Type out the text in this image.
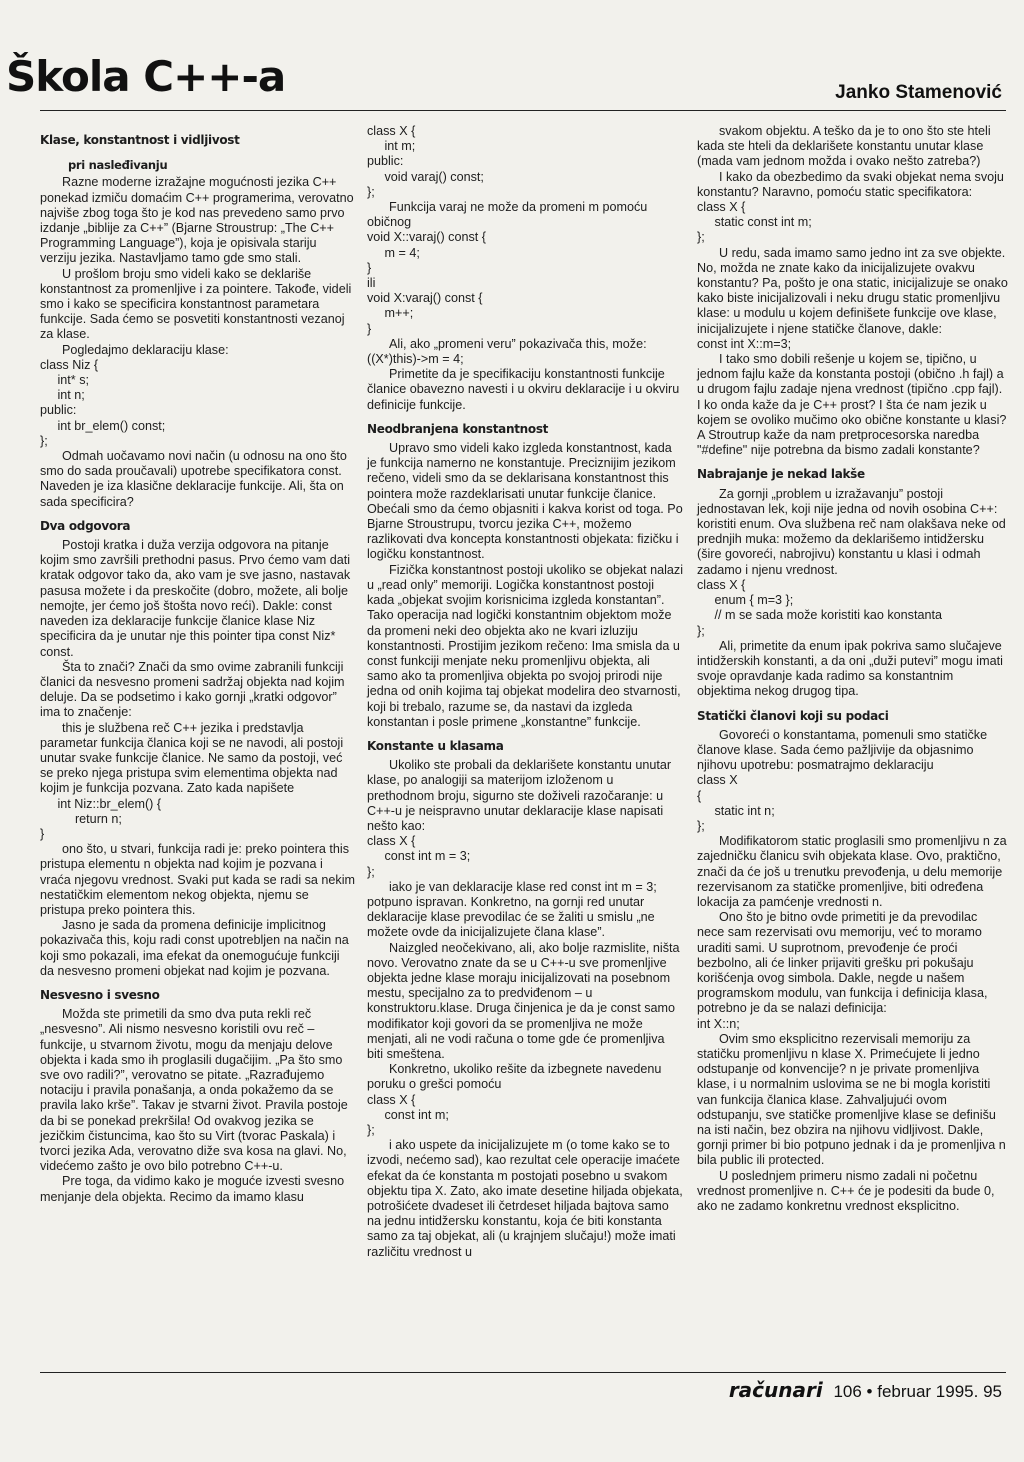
Škola C++-a	Janko Stamenović
Klase, konstantnost i vidljivost
pri nasleđivanju

Razne moderne izražajne mogućnosti jezika C++ ponekad izmiču domaćim C++ programerima, verovatno najviše zbog toga što je kod nas prevedeno samo prvo izdanje „biblije za C++” (Bjarne Stroustrup: „The C++ Programming Language”), koja je opisivala stariju verziju jezika. Nastavljamo tamo gde smo stali.

U prošlom broju smo videli kako se deklariše konstantnost za promenljive i za pointere. Takođe, videli smo i kako se specificira konstantnost parametara funkcije. Sada ćemo se posvetiti konstantnosti vezanoj za klase.

Pogledajmo deklaraciju klase:

class Niz {
int* s;
int n;
public:
int br_elem() const;
};

Odmah uočavamo novi način (u odnosu na ono što smo do sada proučavali) upotrebe specifikatora const. Naveden je iza klasične deklaracije funkcije. Ali, šta on sada specificira?

Dva odgovora

Postoji kratka i duža verzija odgovora na pitanje kojim smo završili prethodni pasus. Prvo ćemo vam dati kratak odgovor tako da, ako vam je sve jasno, nastavak pasusa možete i da preskočite (dobro, možete, ali bolje nemojte, jer ćemo još štošta novo reći). Dakle: const naveden iza deklaracije funkcije članice klase Niz specificira da je unutar nje this pointer tipa const Niz* const.

Šta to znači? Znači da smo ovime zabranili funkciji članici da nesvesno promeni sadržaj objekta nad kojim deluje. Da se podsetimo i kako gornji „kratki odgovor” ima to značenje:

this je službena reč C++ jezika i predstavlja parametar funkcija članica koji se ne navodi, ali postoji unutar svake funkcije članice. Ne samo da postoji, već se preko njega pristupa svim elementima objekta nad kojim je funkcija pozvana. Zato kada napišete

int Niz::br_elem() {
return n;
}

ono što, u stvari, funkcija radi je: preko pointera this pristupa elementu n objekta nad kojim je pozvana i vraća njegovu vrednost. Svaki put kada se radi sa nekim nestatičkim elementom nekog objekta, njemu se pristupa preko pointera this.

Jasno je sada da promena definicije implicitnog pokazivača this, koju radi const upotrebljen na način na koji smo pokazali, ima efekat da onemogućuje funkciji da nesvesno promeni objekat nad kojim je pozvana.

Nesvesno i svesno

Možda ste primetili da smo dva puta rekli reč „nesvesno”. Ali nismo nesvesno koristili ovu reč – funkcije, u stvarnom životu, mogu da menjaju delove objekta i kada smo ih proglasili dugačijim. „Pa što smo sve ovo radili?”, verovatno se pitate. „Razrađujemo notaciju i pravila ponašanja, a onda pokažemo da se pravila lako krše”. Takav je stvarni život. Pravila postoje da bi se ponekad prekršila! Od ovakvog jezika se jezičkim čistuncima, kao što su Virt (tvorac Paskala) i tvorci jezika Ada, verovatno diže sva kosa na glavi. No, videćemo zašto je ovo bilo potrebno C++-u.

Pre toga, da vidimo kako je moguće izvesti svesno menjanje dela objekta. Recimo da imamo klasu

class X {
int m;
public:
void varaj() const;
};

Funkcija varaj ne može da promeni m pomoću običnog

void X::varaj() const {
m = 4;
}
ili
void X:varaj() const {
m++;
}

Ali, ako „promeni veru” pokazivača this, može: ((X*)this)->m = 4;

Primetite da je specifikaciju konstantnosti funkcije članice obavezno navesti i u okviru deklaracije i u okviru definicije funkcije.

Neodbranjena konstantnost

Upravo smo videli kako izgleda konstantnost, kada je funkcija namerno ne konstantuje. Preciznijim jezikom rečeno, videli smo da se deklarisana konstantnost this pointera može razdeklarisati unutar funkcije članice. Obećali smo da ćemo objasniti i kakva korist od toga. Po Bjarne Stroustrupu, tvorcu jezika C++, možemo razlikovati dva koncepta konstantnosti objekata: fizičku i logičku konstantnost.

Fizička konstantnost postoji ukoliko se objekat nalazi u „read only” memoriji. Logička konstantnost postoji kada „objekat svojim korisnicima izgleda konstantan”. Tako operacija nad logički konstantnim objektom može da promeni neki deo objekta ako ne kvari izluziju konstantnosti. Prostijim jezikom rečeno: Ima smisla da u const funkciji menjate neku promenljivu objekta, ali samo ako ta promenljiva objekta po svojoj prirodi nije jedna od onih kojima taj objekat modelira deo stvarnosti, koji bi trebalo, razume se, da nastavi da izgleda konstantan i posle primene „konstantne” funkcije.

Konstante u klasama

Ukoliko ste probali da deklarišete konstantu unutar klase, po analogiji sa materijom izloženom u prethodnom broju, sigurno ste doživeli razočaranje: u C++-u je neispravno unutar deklaracije klase napisati nešto kao:

class X {
const int m = 3;
};

iako je van deklaracije klase red const int m = 3; potpuno ispravan. Konkretno, na gornji red unutar deklaracije klase prevodilac će se žaliti u smislu „ne možete ovde da inicijalizujete člana klase”.

Naizgled neočekivano, ali, ako bolje razmislite, ništa novo. Verovatno znate da se u C++-u sve promenljive objekta jedne klase moraju inicijalizovati na posebnom mestu, specijalno za to predviđenom – u konstruktoru.klase. Druga činjenica je da je const samo modifikator koji govori da se promenljiva ne može menjati, ali ne vodi računa o tome gde će promenljiva biti smeštena.

Konkretno, ukoliko rešite da izbegnete navedenu poruku o grešci pomoću

class X {
const int m;
};

i ako uspete da inicijalizujete m (o tome kako se to izvodi, nećemo sad), kao rezultat cele operacije imaćete efekat da će konstanta m postojati posebno u svakom objektu tipa X. Zato, ako imate desetine hiljada objekata, potrošićete dvadeset ili četrdeset hiljada bajtova samo na jednu intidžersku konstantu, koja će biti konstanta samo za taj objekat, ali (u krajnjem slučaju!) može imati različitu vrednost u

svakom objektu. A teško da je to ono što ste hteli kada ste hteli da deklarišete konstantu unutar klase (mada vam jednom možda i ovako nešto zatreba?)

I kako da obezbedimo da svaki objekat nema svoju konstantu? Naravno, pomoću static specifikatora:

class X {
static const int m;
};

U redu, sada imamo samo jedno int za sve objekte. No, možda ne znate kako da inicijalizujete ovakvu konstantu? Pa, pošto je ona static, inicijalizuje se onako kako biste inicijalizovali i neku drugu static promenljivu klase: u modulu u kojem definišete funkcije ove klase, inicijalizujete i njene statičke članove, dakle:

const int X::m=3;

I tako smo dobili rešenje u kojem se, tipično, u jednom fajlu kaže da konstanta postoji (obično .h fajl) a u drugom fajlu zadaje njena vrednost (tipično .cpp fajl). I ko onda kaže da je C++ prost? I šta će nam jezik u kojem se ovoliko mučimo oko obične konstante u klasi? A Stroutrup kaže da nam pretprocesorska naredba "#define" nije potrebna da bismo zadali konstante?

Nabrajanje je nekad lakše

Za gornji „problem u izražavanju” postoji jednostavan lek, koji nije jedna od novih osobina C++: koristiti enum. Ova službena reč nam olakšava neke od prednjih muka: možemo da deklarišemo intidžersku (šire govoreći, nabrojivu) konstantu u klasi i odmah zadamo i njenu vrednost.

class X {
enum { m=3 };
// m se sada može koristiti kao konstanta
};

Ali, primetite da enum ipak pokriva samo slučajeve intidžerskih konstanti, a da oni „duži putevi” mogu imati svoje opravdanje kada radimo sa konstantnim objektima nekog drugog tipa.

Statički članovi koji su podaci

Govoreći o konstantama, pomenuli smo statičke članove klase. Sada ćemo pažljivije da objasnimo njihovu upotrebu: posmatrajmo deklaraciju

class X
{
static int n;
};

Modifikatorom static proglasili smo promenljivu n za zajedničku članicu svih objekata klase. Ovo, praktično, znači da će još u trenutku prevođenja, u delu memorije rezervisanom za statičke promenljive, biti određena lokacija za pamćenje vrednosti n.

Ono što je bitno ovde primetiti je da prevodilac nece sam rezervisati ovu memoriju, već to moramo uraditi sami. U suprotnom, prevođenje će proći bezbolno, ali će linker prijaviti grešku pri pokušaju korišćenja ovog simbola. Dakle, negde u našem programskom modulu, van funkcija i definicija klasa, potrebno je da se nalazi definicija:

int X::n;

Ovim smo eksplicitno rezervisali memoriju za statičku promenljivu n klase X. Primećujete li jedno odstupanje od konvencije? n je private promenljiva klase, i u normalnim uslovima se ne bi mogla koristiti van funkcija članica klase. Zahvaljujući ovom odstupanju, sve statičke promenljive klase se definišu na isti način, bez obzira na njihovu vidljivost. Dakle, gornji primer bi bio potpuno jednak i da je promenljiva n bila public ili protected.

U poslednjem primeru nismo zadali ni početnu vrednost promenljive n. C++ će je podesiti da bude 0, ako ne zadamo konkretnu vrednost eksplicitno.

računari 106 • februar 1995. 95
